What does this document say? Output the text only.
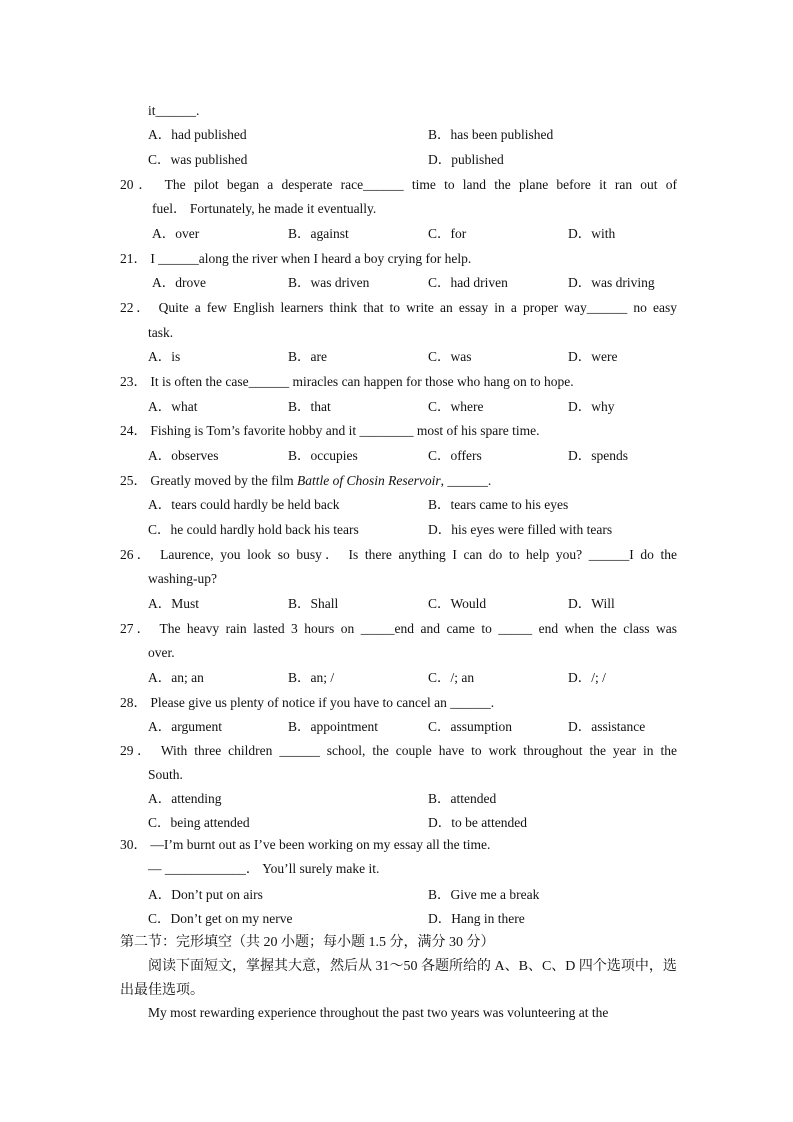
it______.
A．had published	B．has been published
C．was published	D．published
20． The pilot began a desperate race______ time to land the plane before it ran out of
fuel． Fortunately, he made it eventually.
A．over	B．against	C．for	D．with
21． I ______along the river when I heard a boy crying for help.
A．drove	B．was driven	C．had driven	D．was driving
22． Quite a few English learners think that to write an essay in a proper way______ no easy
task.
A．is	B．are	C．was	D．were
23． It is often the case______ miracles can happen for those who hang on to hope.
A．what	B．that	C．where	D．why
24． Fishing is Tom’s favorite hobby and it ________ most of his spare time.
A．observes	B．occupies	C．offers	D．spends
25． Greatly moved by the film Battle of Chosin Reservoir, ______.
A．tears could hardly be held back	B．tears came to his eyes
C．he could hardly hold back his tears	D．his eyes were filled with tears
26． Laurence, you look so busy． Is there anything I can do to help you? ______I do the
washing-up?
A．Must	B．Shall	C．Would	D．Will
27． The heavy rain lasted 3 hours on _____end and came to _____ end when the class was
over.
A．an; an	B．an; /	C．/; an	D．/; /
28． Please give us plenty of notice if you have to cancel an ______.
A．argument	B．appointment	C．assumption	D．assistance
29． With three children ______ school, the couple have to work throughout the year in the
South.
A．attending	B．attended
C．being attended	D．to be attended
30． —I’m burnt out as I’ve been working on my essay all the time.
— ____________． You’ll surely make it.
A．Don’t put on airs	B．Give me a break
C．Don’t get on my nerve	D．Hang in there
第二节：完形填空（共 20 小题；每小题 1.5 分，满分 30 分）
阅读下面短文，掌握其大意，然后从 31～50 各题所给的 A、B、C、D 四个选项中，选
出最佳选项。
My most rewarding experience throughout the past two years was volunteering at the
